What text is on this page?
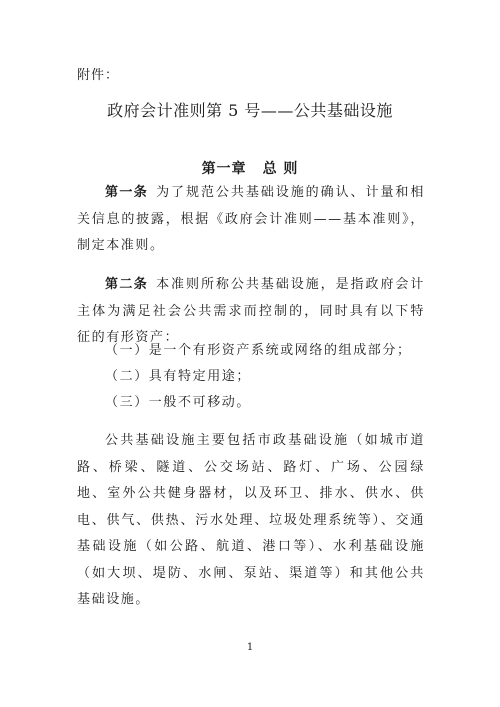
附件：
政府会计准则第 5 号——公共基础设施
第一章 总 则

第一条 为了规范公共基础设施的确认、计量和相关信息的披露，根据《政府会计准则——基本准则》，制定本准则。

第二条 本准则所称公共基础设施，是指政府会计主体为满足社会公共需求而控制的，同时具有以下特征的有形资产：

（一）是一个有形资产系统或网络的组成部分；

（二）具有特定用途；

（三）一般不可移动。

公共基础设施主要包括市政基础设施（如城市道路、桥梁、隧道、公交场站、路灯、广场、公园绿地、室外公共健身器材，以及环卫、排水、供水、供电、供气、供热、污水处理、垃圾处理系统等）、交通基础设施（如公路、航道、港口等）、水利基础设施（如大坝、堤防、水闸、泵站、渠道等）和其他公共基础设施。

1
